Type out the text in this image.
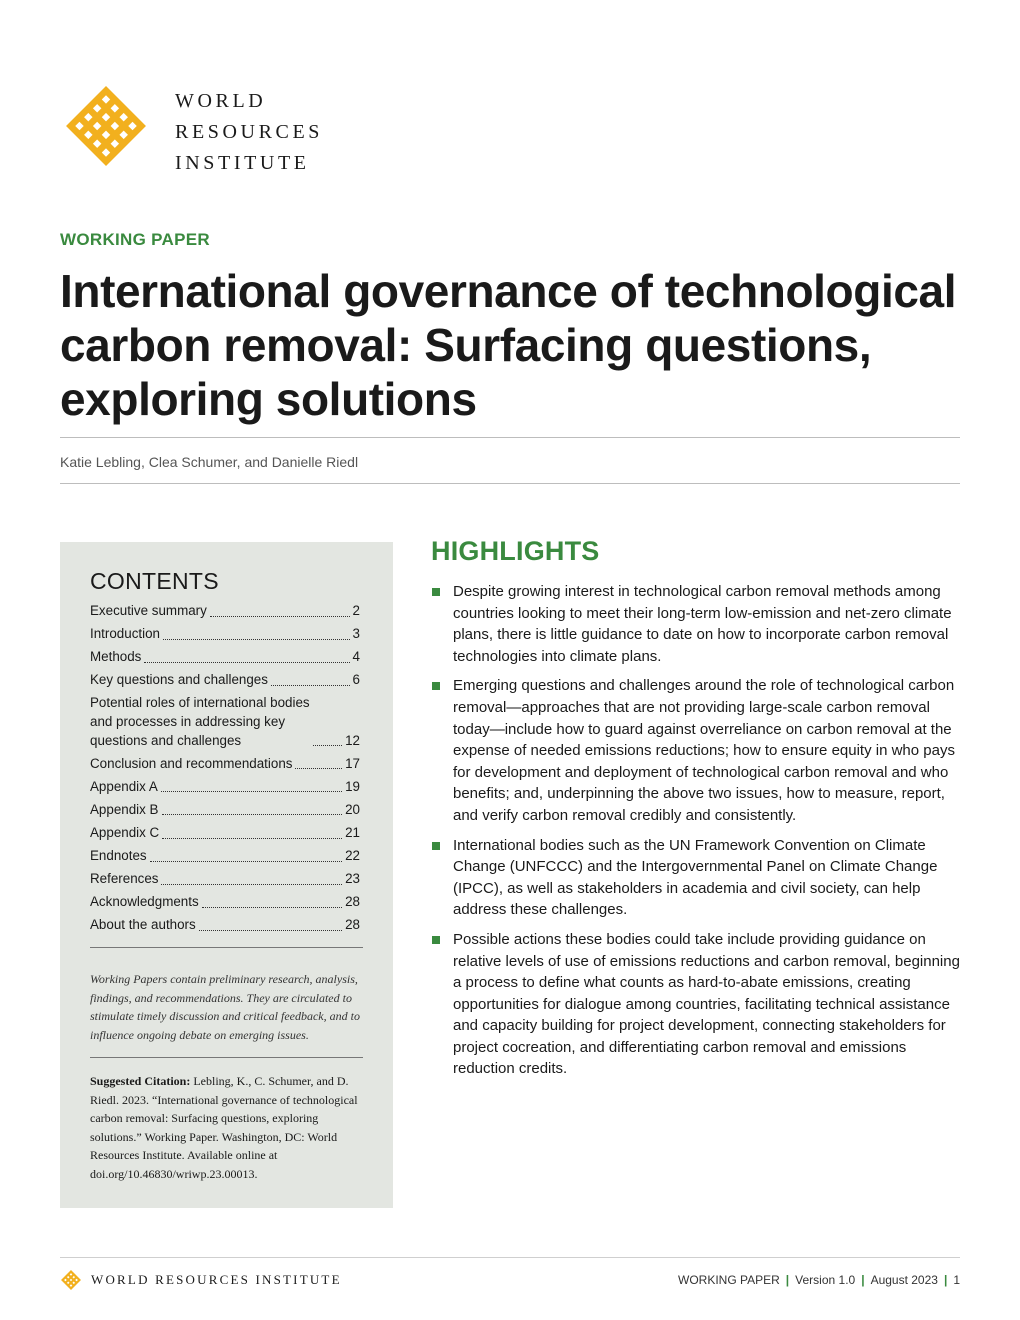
WORLD
RESOURCES
INSTITUTE
WORKING PAPER
International governance of technological carbon removal: Surfacing questions, exploring solutions
Katie Lebling, Clea Schumer, and Danielle Riedl
CONTENTS
Executive summary	2
Introduction	3
Methods	4
Key questions and challenges	6
Potential roles of international bodies
and processes in addressing key
questions and challenges	12
Conclusion and recommendations	17
Appendix A	19
Appendix B	20
Appendix C	21
Endnotes	22
References	23
Acknowledgments	28
About the authors	28

Working Papers contain preliminary research, analysis, findings, and recommendations. They are circulated to stimulate timely discussion and critical feedback, and to influence ongoing debate on emerging issues.

Suggested Citation: Lebling, K., C. Schumer, and D. Riedl. 2023. “International governance of technological carbon removal: Surfacing questions, exploring solutions.” Working Paper. Washington, DC: World Resources Institute. Available online at doi.org/10.46830/wriwp.23.00013.

HIGHLIGHTS
Despite growing interest in technological carbon removal methods among countries looking to meet their long-term low-emission and net-zero climate plans, there is little guidance to date on how to incorporate carbon removal technologies into climate plans.
Emerging questions and challenges around the role of technological carbon removal—approaches that are not providing large-scale carbon removal today—include how to guard against overreliance on carbon removal at the expense of needed emissions reductions; how to ensure equity in who pays for development and deployment of technological carbon removal and who benefits; and, underpinning the above two issues, how to measure, report, and verify carbon removal credibly and consistently.
International bodies such as the UN Framework Convention on Climate Change (UNFCCC) and the Intergovernmental Panel on Climate Change (IPCC), as well as stakeholders in academia and civil society, can help address these challenges.
Possible actions these bodies could take include providing guidance on relative levels of use of emissions reductions and carbon removal, beginning a process to define what counts as hard-to-abate emissions, creating opportunities for dialogue among countries, facilitating technical assistance and capacity building for project development, connecting stakeholders for project cocreation, and differentiating carbon removal and emissions reduction credits.
WORLD RESOURCES INSTITUTE	WORKING PAPER | Version 1.0 | August 2023 | 1
